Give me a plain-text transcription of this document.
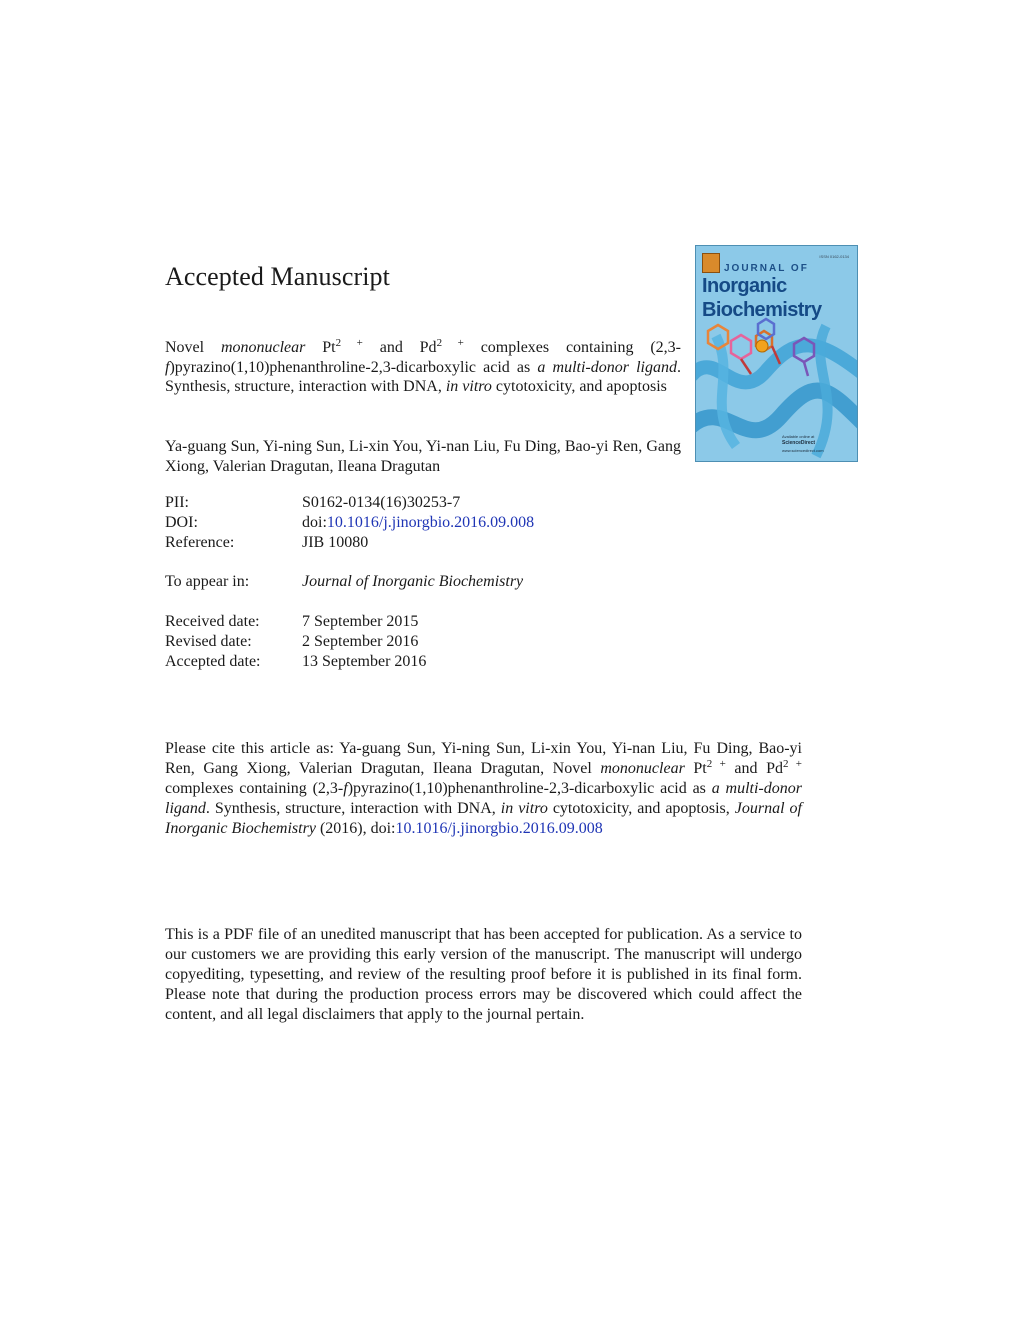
Accepted Manuscript

Novel mononuclear $Pt^{2 +}$ and $Pd^{2 +}$ complexes containing (2,3-f)pyrazino(1,10)phenanthroline-2,3-dicarboxylic acid as a multi-donor ligand. Synthesis, structure, interaction with DNA, in vitro cytotoxicity, and apoptosis

Ya-guang Sun, Yi-ning Sun, Li-xin You, Yi-nan Liu, Fu Ding, Bao-yi Ren, Gang Xiong, Valerian Dragutan, Ileana Dragutan

PII:	S0162-0134(16)30253-7
DOI:	doi:10.1016/j.jinorgbio.2016.09.008
Reference:	JIB 10080
To appear in:	Journal of Inorganic Biochemistry
Received date:	7 September 2015
Revised date:	2 September 2016
Accepted date:	13 September 2016

Please cite this article as: Ya-guang Sun, Yi-ning Sun, Li-xin You, Yi-nan Liu, Fu Ding, Bao-yi Ren, Gang Xiong, Valerian Dragutan, Ileana Dragutan, Novel mononuclear $Pt^{2 +}$ and $Pd^{2 +}$ complexes containing (2,3-f)pyrazino(1,10)phenanthroline-2,3-dicarboxylic acid as a multi-donor ligand. Synthesis, structure, interaction with DNA, in vitro cytotoxicity, and apoptosis, Journal of Inorganic Biochemistry (2016), doi:10.1016/j.jinorgbio.2016.09.008

This is a PDF file of an unedited manuscript that has been accepted for publication. As a service to our customers we are providing this early version of the manuscript. The manuscript will undergo copyediting, typesetting, and review of the resulting proof before it is published in its final form. Please note that during the production process errors may be discovered which could affect the content, and all legal disclaimers that apply to the journal pertain.

ISSN 0162-0134
JOURNAL OF
Inorganic
Biochemistry
Available online at
ScienceDirect
www.sciencedirect.com
